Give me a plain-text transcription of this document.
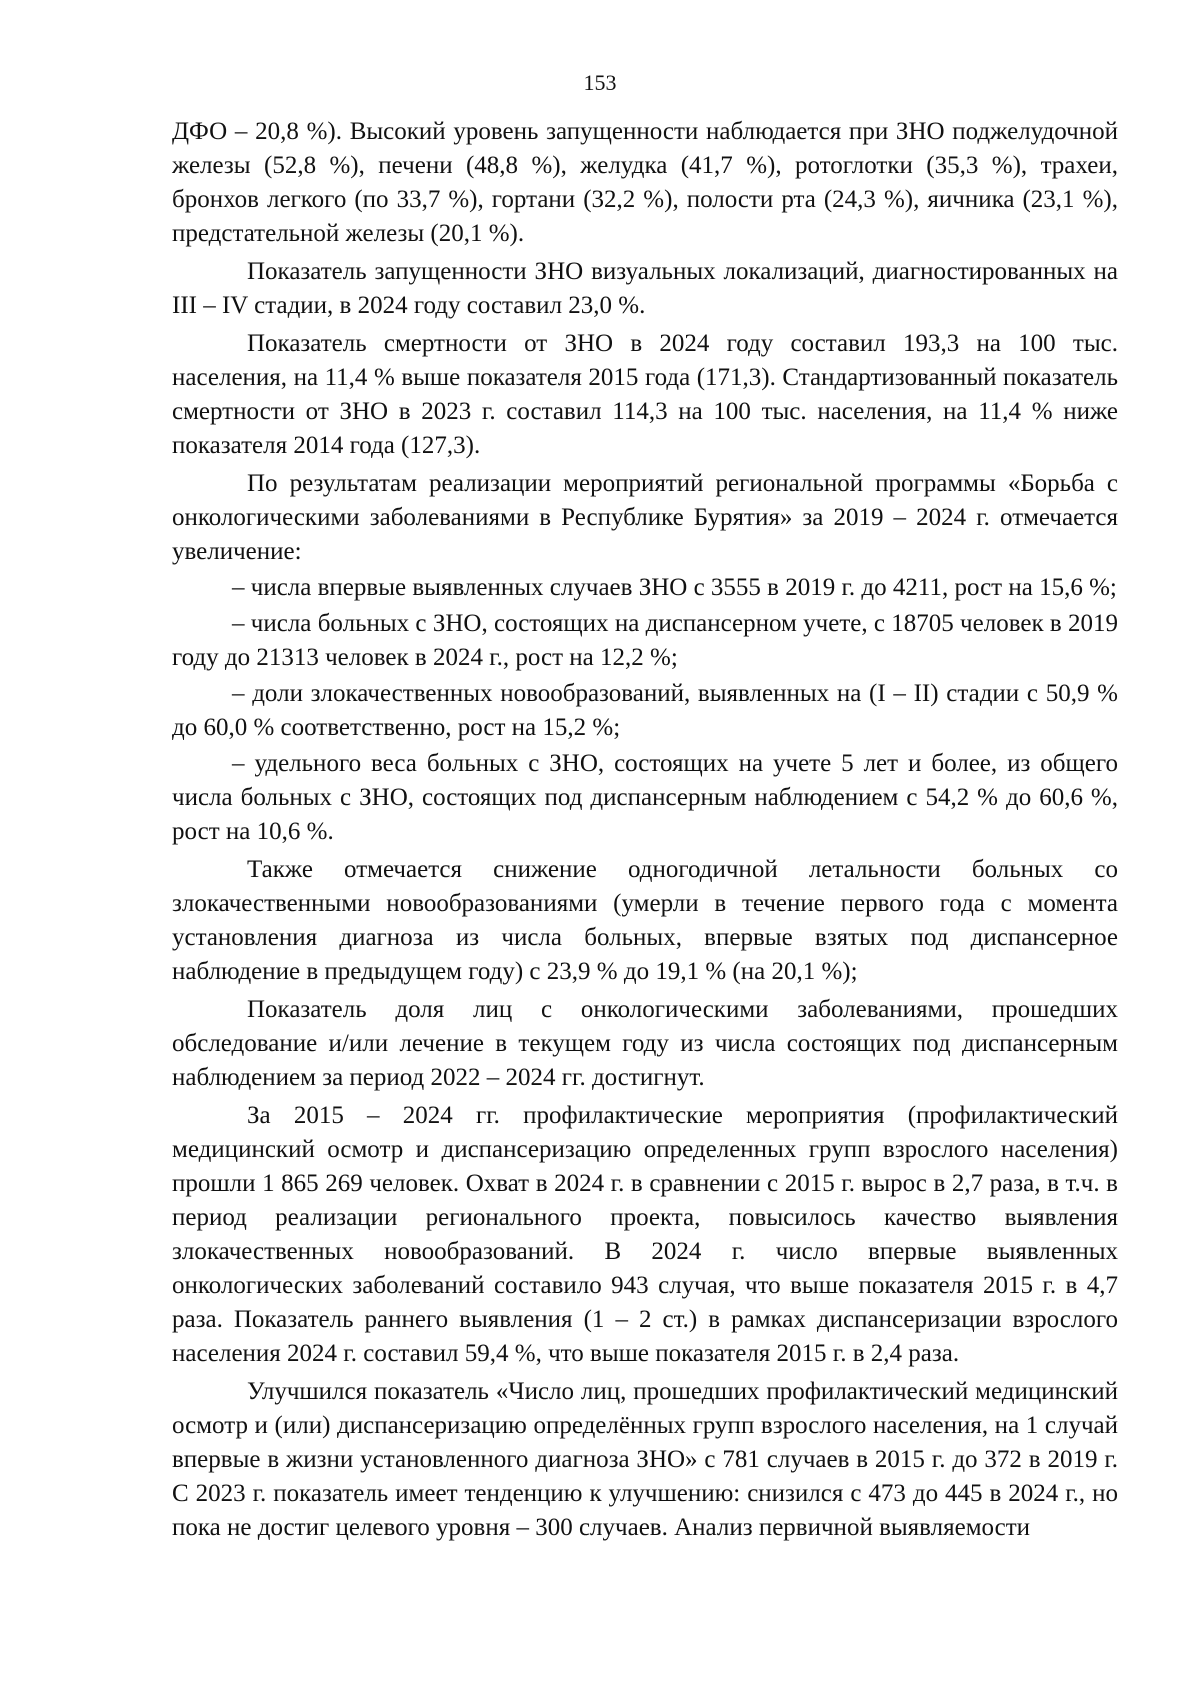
153

ДФО – 20,8 %). Высокий уровень запущенности наблюдается при ЗНО поджелудочной железы (52,8 %), печени (48,8 %), желудка (41,7 %), ротоглотки (35,3 %), трахеи, бронхов легкого (по 33,7 %), гортани (32,2 %), полости рта (24,3 %), яичника (23,1 %), предстательной железы (20,1 %).

Показатель запущенности ЗНО визуальных локализаций, диагностированных на III – IV стадии, в 2024 году составил 23,0 %.

Показатель смертности от ЗНО в 2024 году составил 193,3 на 100 тыс. населения, на 11,4 % выше показателя 2015 года (171,3). Стандартизованный показатель смертности от ЗНО в 2023 г. составил 114,3 на 100 тыс. населения, на 11,4 % ниже показателя 2014 года (127,3).

По результатам реализации мероприятий региональной программы «Борьба с онкологическими заболеваниями в Республике Бурятия» за 2019 – 2024 г. отмечается увеличение:

– числа впервые выявленных случаев ЗНО с 3555 в 2019 г. до 4211, рост на 15,6 %;

– числа больных с ЗНО, состоящих на диспансерном учете, с 18705 человек в 2019 году до 21313 человек в 2024 г., рост на 12,2 %;

– доли злокачественных новообразований, выявленных на (I – II) стадии с 50,9 % до 60,0 % соответственно, рост на 15,2 %;

– удельного веса больных с ЗНО, состоящих на учете 5 лет и более, из общего числа больных с ЗНО, состоящих под диспансерным наблюдением с 54,2 % до 60,6 %, рост на 10,6 %.

Также отмечается снижение одногодичной летальности больных со злокачественными новообразованиями (умерли в течение первого года с момента установления диагноза из числа больных, впервые взятых под диспансерное наблюдение в предыдущем году) с 23,9 % до 19,1 % (на 20,1 %);

Показатель доля лиц с онкологическими заболеваниями, прошедших обследование и/или лечение в текущем году из числа состоящих под диспансерным наблюдением за период 2022 – 2024 гг. достигнут.

За 2015 – 2024 гг. профилактические мероприятия (профилактический медицинский осмотр и диспансеризацию определенных групп взрослого населения) прошли 1 865 269 человек. Охват в 2024 г. в сравнении с 2015 г. вырос в 2,7 раза, в т.ч. в период реализации регионального проекта, повысилось качество выявления злокачественных новообразований. В 2024 г. число впервые выявленных онкологических заболеваний составило 943 случая, что выше показателя 2015 г. в 4,7 раза. Показатель раннего выявления (1 – 2 ст.) в рамках диспансеризации взрослого населения 2024 г. составил 59,4 %, что выше показателя 2015 г. в 2,4 раза.

Улучшился показатель «Число лиц, прошедших профилактический медицинский осмотр и (или) диспансеризацию определённых групп взрослого населения, на 1 случай впервые в жизни установленного диагноза ЗНО» с 781 случаев в 2015 г. до 372 в 2019 г. С 2023 г. показатель имеет тенденцию к улучшению: снизился с 473 до 445 в 2024 г., но пока не достиг целевого уровня – 300 случаев. Анализ первичной выявляемости
